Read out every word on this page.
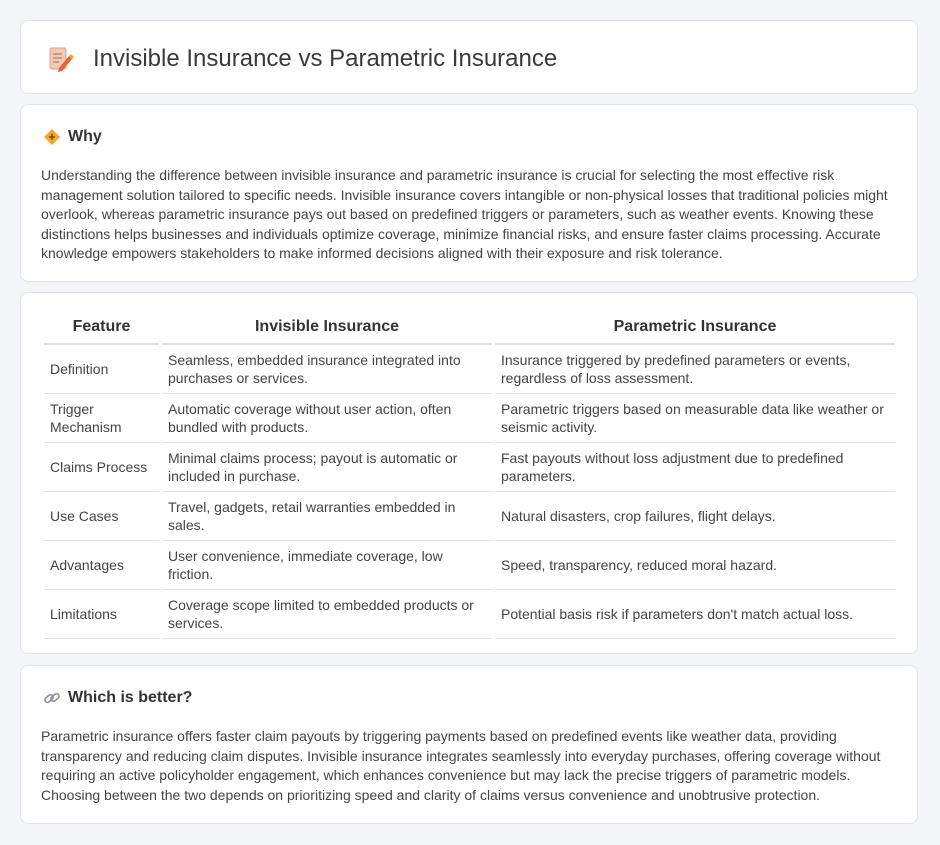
Invisible Insurance vs Parametric Insurance
Why

Understanding the difference between invisible insurance and parametric insurance is crucial for selecting the most effective risk management solution tailored to specific needs. Invisible insurance covers intangible or non-physical losses that traditional policies might overlook, whereas parametric insurance pays out based on predefined triggers or parameters, such as weather events. Knowing these distinctions helps businesses and individuals optimize coverage, minimize financial risks, and ensure faster claims processing. Accurate knowledge empowers stakeholders to make informed decisions aligned with their exposure and risk tolerance.

Feature	Invisible Insurance	Parametric Insurance
Definition	Seamless, embedded insurance integrated into purchases or services.	Insurance triggered by predefined parameters or events, regardless of loss assessment.
Trigger Mechanism	Automatic coverage without user action, often bundled with products.	Parametric triggers based on measurable data like weather or seismic activity.
Claims Process	Minimal claims process; payout is automatic or included in purchase.	Fast payouts without loss adjustment due to predefined parameters.
Use Cases	Travel, gadgets, retail warranties embedded in sales.	Natural disasters, crop failures, flight delays.
Advantages	User convenience, immediate coverage, low friction.	Speed, transparency, reduced moral hazard.
Limitations	Coverage scope limited to embedded products or services.	Potential basis risk if parameters don't match actual loss.
Which is better?

Parametric insurance offers faster claim payouts by triggering payments based on predefined events like weather data, providing transparency and reducing claim disputes. Invisible insurance integrates seamlessly into everyday purchases, offering coverage without requiring an active policyholder engagement, which enhances convenience but may lack the precise triggers of parametric models. Choosing between the two depends on prioritizing speed and clarity of claims versus convenience and unobtrusive protection.
